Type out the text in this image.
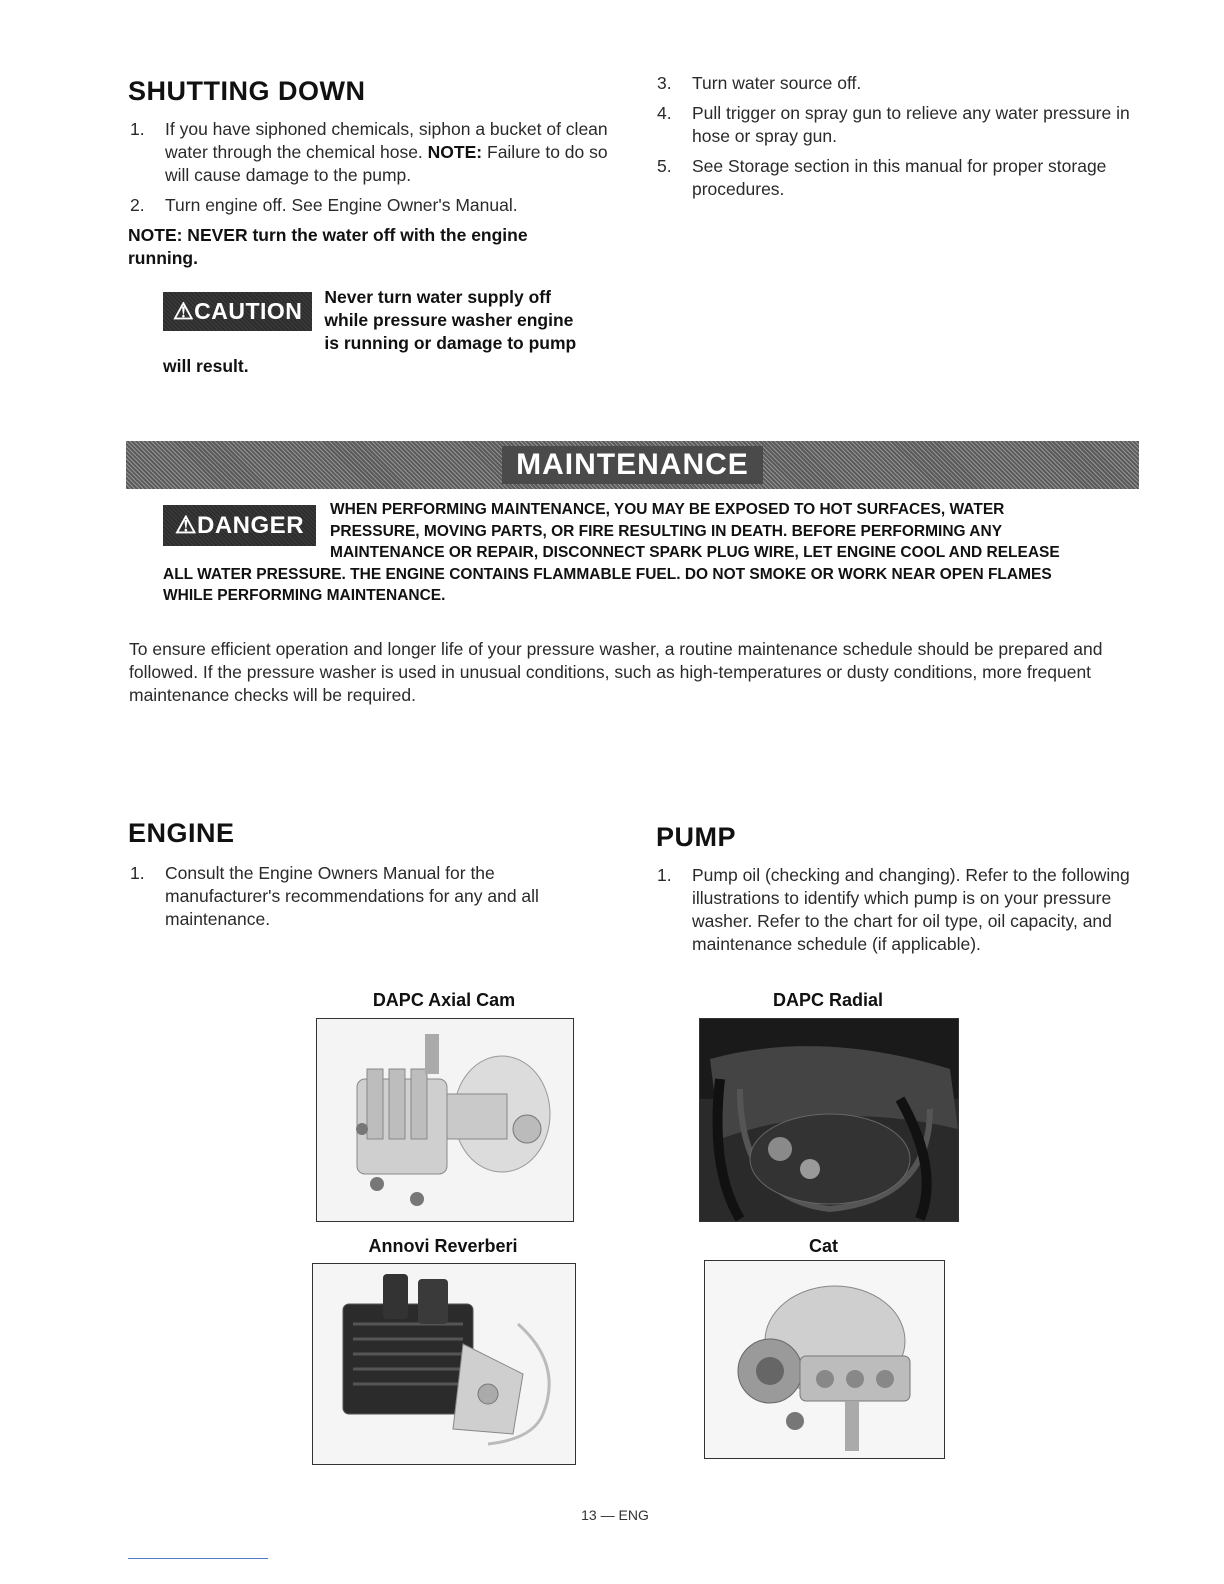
SHUTTING DOWN
1. If you have siphoned chemicals, siphon a bucket of clean water through the chemical hose. NOTE: Failure to do so will cause damage to the pump.
2. Turn engine off. See Engine Owner's Manual.
NOTE: NEVER turn the water off with the engine running.
⚠CAUTION
Never turn water supply off while pressure washer engine is running or damage to pump will result.
3. Turn water source off.
4. Pull trigger on spray gun to relieve any water pressure in hose or spray gun.
5. See Storage section in this manual for proper storage procedures.
MAINTENANCE
⚠DANGER
WHEN PERFORMING MAINTENANCE, YOU MAY BE EXPOSED TO HOT SURFACES, WATER PRESSURE, MOVING PARTS, OR FIRE RESULTING IN DEATH. BEFORE PERFORMING ANY MAINTENANCE OR REPAIR, DISCONNECT SPARK PLUG WIRE, LET ENGINE COOL AND RELEASE ALL WATER PRESSURE. THE ENGINE CONTAINS FLAMMABLE FUEL. DO NOT SMOKE OR WORK NEAR OPEN FLAMES WHILE PERFORMING MAINTENANCE.
To ensure efficient operation and longer life of your pressure washer, a routine maintenance schedule should be prepared and followed. If the pressure washer is used in unusual conditions, such as high-temperatures or dusty conditions, more frequent maintenance checks will be required.
ENGINE
1. Consult the Engine Owners Manual for the manufacturer's recommendations for any and all maintenance.
PUMP
1. Pump oil (checking and changing). Refer to the following illustrations to identify which pump is on your pressure washer. Refer to the chart for oil type, oil capacity, and maintenance schedule (if applicable).
DAPC Axial Cam	DAPC Radial
Annovi Reverberi	Cat
13 — ENG
